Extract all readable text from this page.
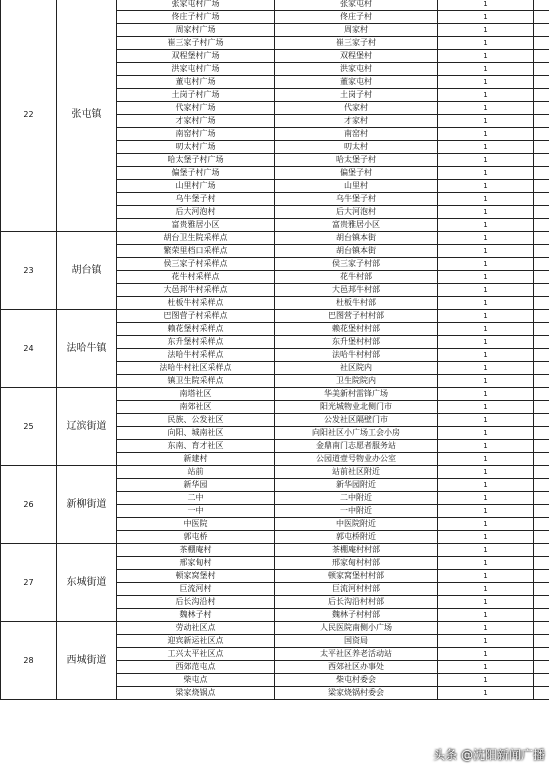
22	张屯镇	张家屯村广场	张家屯村	1	
		佟庄子村广场	佟庄子村	1	
		周家村广场	周家村	1	
		崔三家子村广场	崔三家子村	1	
		双程堡村广场	双程堡村	1	
		洪家屯村广场	洪家屯村	1	
		董屯村广场	董家屯村	1	
		土岗子村广场	土岗子村	1	
		代家村广场	代家村	1	
		才家村广场	才家村	1	
		南窑村广场	南窑村	1	
		叨太村广场	叨太村	1	
		哈太堡子村广场	哈太堡子村	1	
		偏堡子村广场	偏堡子村	1	
		山里村广场	山里村	1	
		乌牛堡子村	乌牛堡子村	1	
		后大河泡村	后大河泡村	1	
		富贵雅居小区	富贵雅居小区	1	
23	胡台镇	胡台卫生院采样点	胡台镇本街	1	
		繁荣里档口采样点	胡台镇本街	1	
		侯三家子村采样点	侯三家子村部	1	
		花牛村采样点	花牛村部	1	
		大邑邦牛村采样点	大邑邦牛村部	1	
		杜板牛村采样点	杜板牛村部	1	
24	法哈牛镇	巴图营子村采样点	巴图营子村村部	1	
		赖花堡村采样点	赖花堡村村部	1	
		东升堡村采样点	东升堡村村部	1	
		法哈牛村采样点	法哈牛村村部	1	
		法哈牛村社区采样点	社区院内	1	
		镇卫生院采样点	卫生院院内	1	
25	辽滨街道	南塔社区	华美新村雷锋广场	1	
		南郊社区	阳光城物业北侧门市	1	
		民族、公发社区	公发社区隔壁门市	1	
		向阳、城南社区	向阳社区小广场工会小房	1	
		东南、育才社区	金鼎南门志愿者服务站	1	
		新建村	公园道壹号物业办公室	1	
26	新柳街道	站前	站前社区附近	1	
		新华园	新华园附近	1	
		二中	二中附近	1	
		一中	一中附近	1	
		中医院	中医院附近	1	
		郭屯桥	郭屯桥附近	1	
27	东城街道	茶棚庵村	茶棚庵村村部	1	
		邢家甸村	邢家甸村村部	1	
		顿家窝堡村	顿家窝堡村村部	1	
		巨流河村	巨流河村村部	1	
		后长沟沿村	后长沟沿村村部	1	
		魏林子村	魏林子村村部	1	
28	西城街道	劳动社区点	人民医院南侧小广场	1	
		迎宾新运社区点	国资局	1	
		工兴太平社区点	太平社区养老活动站	1	
		西郊范屯点	西郊社区办事处	1	
		柴屯点	柴屯村委会	1	
		梁家烧锅点	梁家烧锅村委会	1	
头条 @沈阳新闻广播
